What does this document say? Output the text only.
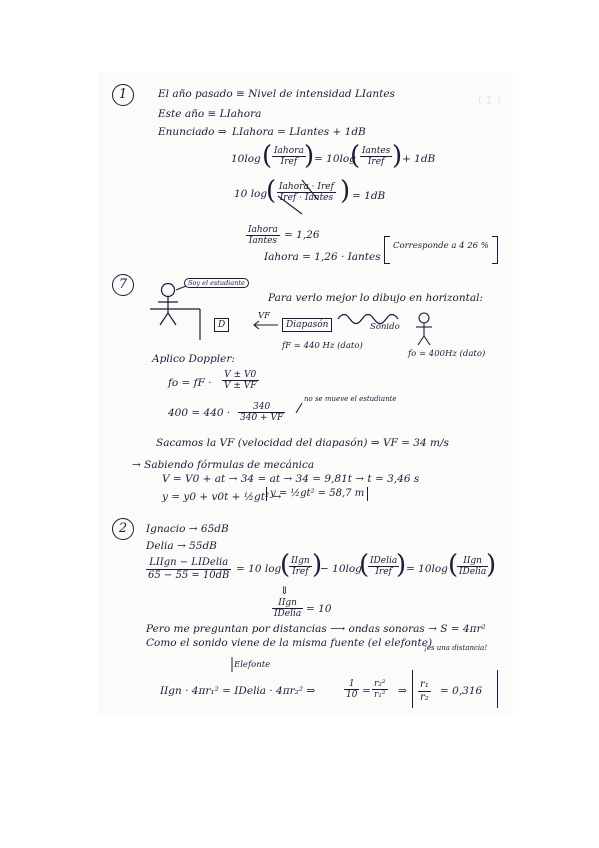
( 1 )
1	El año pasado ≡ Nivel de intensidad LIantes
Este año ≡ LIahora
Enunciado ⇒ LIahora = LIantes + 1dB
10log ( Iahora
Iref ) = 10log
( Iantes
Iref ) + 1dB
10 log
( Iahora · Iref
Iref · Iantes ) = 1dB
Iahora
Iantes = 1,26
Iahora = 1,26 · Iantes
Corresponde a 4 26 %
7	Soy el estudiante
D
Para verlo mejor lo dibujo en horizontal:
VF
Diapasón	Sonido
fF = 440 Hz (dato)
fo = 400Hz (dato)
Aplico Doppler:
fo = fF · $\frac{V \pm V0}{V \pm VF}$
$400 = 440 \cdot \frac{340}{340 + VF}$
no se mueve el estudiante
Sacamos la VF (velocidad del diapasón) ⇒ VF = 34 m/s
→ Sabiendo fórmulas de mecánica
V = V0 + at → 34 = at → 34 = 9,81t → t = 3,46 s
y = y0 + v0t + ½gt² →
y = ½gt² = 58,7 m
2	Ignacio → 65dB
Delia → 55dB
LIIgn − LIDelia
65 − 55 = 10dB
= 10 log
( IIgn
Iref )
− 10log
( IDelia
Iref ) = 10log ( IIgn
IDelia )
⇓
IIgn
IDelia = 10
Pero me preguntan por distancias ⟶ ondas sonoras → S = 4πr²
Como el sonido viene de la misma fuente (el elefonte)
¡es una distancia!
Elefonte
IIgn · 4πr₁² = IDelia · 4πr₂² ⇒	$\frac{1}{10} = \frac{\text{r₂²}}{\text{r₁²}}$ ⇒ $\frac{\text{r₁}}{\text{r₂}} = 0,316$
